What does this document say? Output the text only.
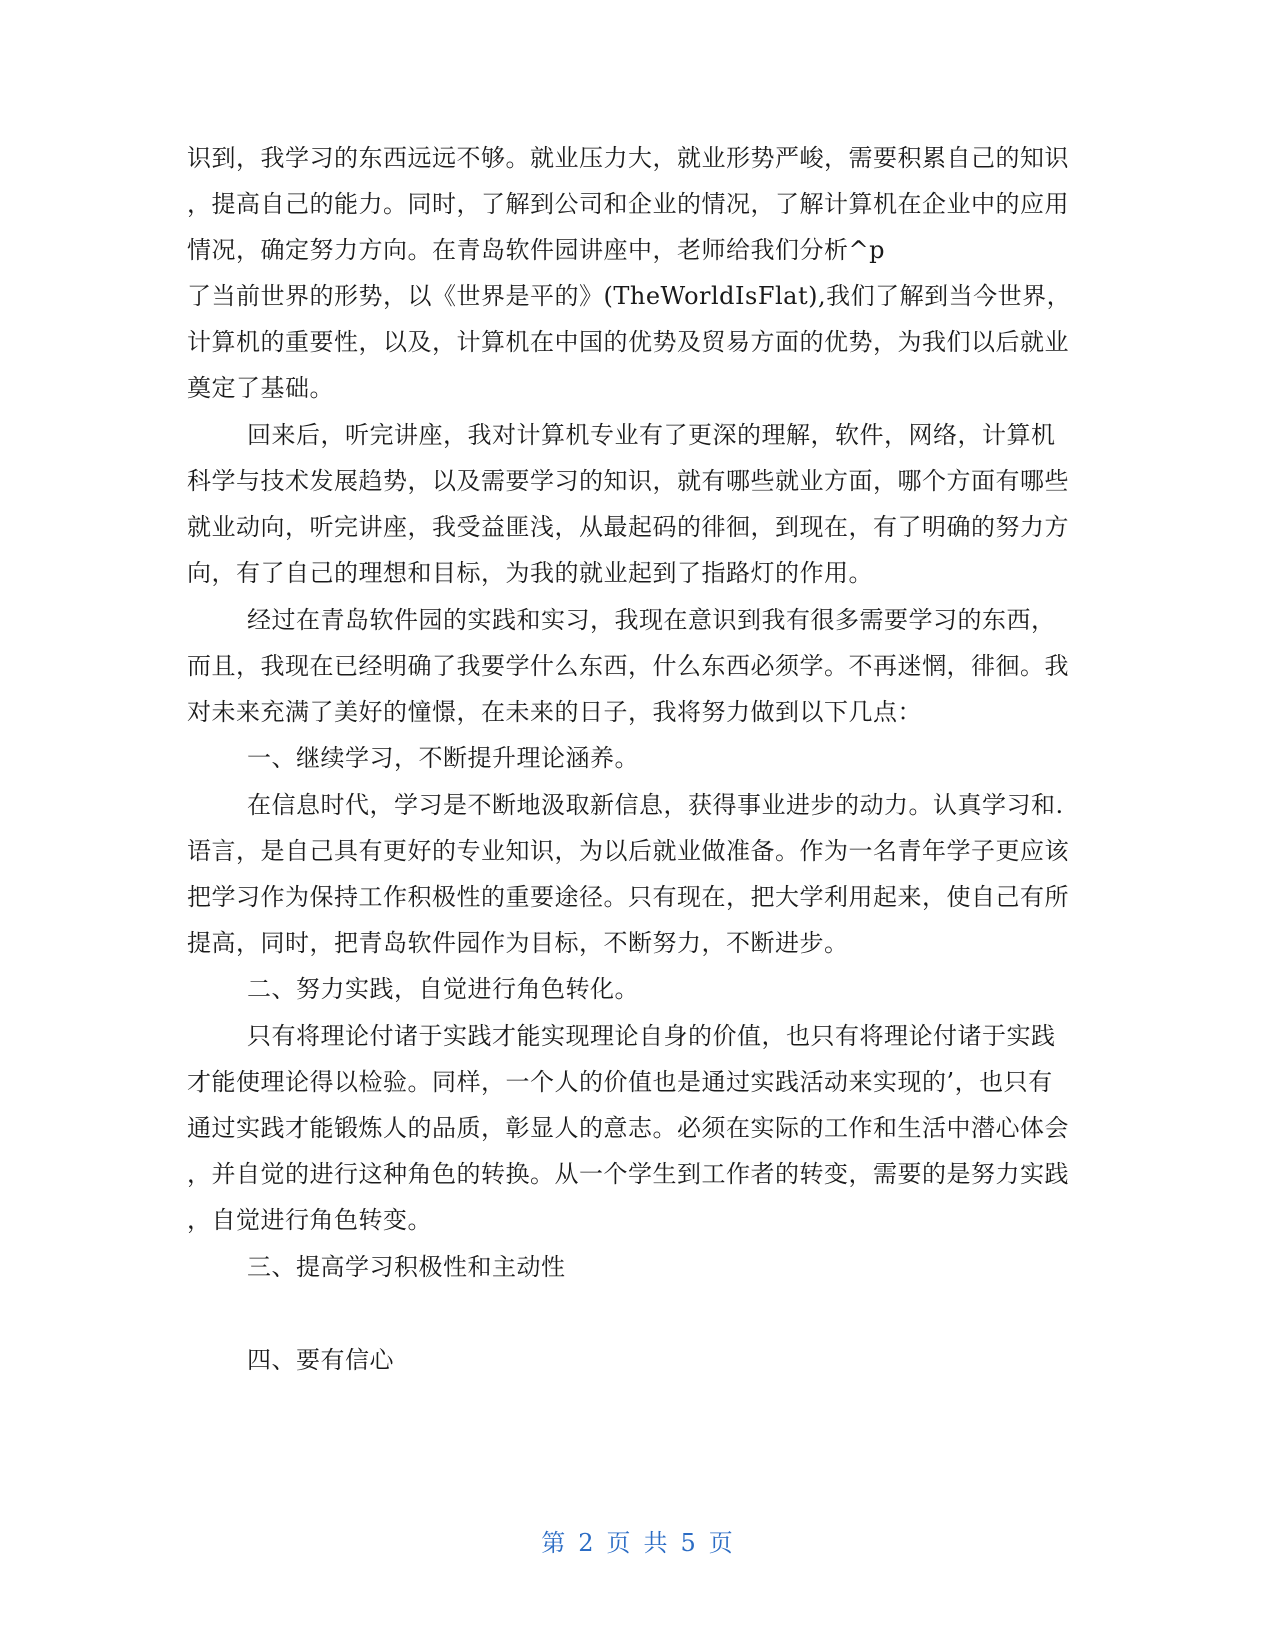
识到，我学习的东西远远不够。就业压力大，就业形势严峻，需要积累自己的知识
，提高自己的能力。同时，了解到公司和企业的情况，了解计算机在企业中的应用
情况，确定努力方向。在青岛软件园讲座中，老师给我们分析^p
了当前世界的形势，以《世界是平的》(TheWorldIsFlat),我们了解到当今世界，
计算机的重要性，以及，计算机在中国的优势及贸易方面的优势，为我们以后就业
奠定了基础。
回来后，听完讲座，我对计算机专业有了更深的理解，软件，网络，计算机
科学与技术发展趋势，以及需要学习的知识，就有哪些就业方面，哪个方面有哪些
就业动向，听完讲座，我受益匪浅，从最起码的徘徊，到现在，有了明确的努力方
向，有了自己的理想和目标，为我的就业起到了指路灯的作用。
经过在青岛软件园的实践和实习，我现在意识到我有很多需要学习的东西，
而且，我现在已经明确了我要学什么东西，什么东西必须学。不再迷惘，徘徊。我
对未来充满了美好的憧憬，在未来的日子，我将努力做到以下几点：
一、继续学习，不断提升理论涵养。
在信息时代，学习是不断地汲取新信息，获得事业进步的动力。认真学习和.
语言，是自己具有更好的专业知识，为以后就业做准备。作为一名青年学子更应该
把学习作为保持工作积极性的重要途径。只有现在，把大学利用起来，使自己有所
提高，同时，把青岛软件园作为目标，不断努力，不断进步。
二、努力实践，自觉进行角色转化。
只有将理论付诸于实践才能实现理论自身的价值，也只有将理论付诸于实践
才能使理论得以检验。同样，一个人的价值也是通过实践活动来实现的’，也只有
通过实践才能锻炼人的品质，彰显人的意志。必须在实际的工作和生活中潜心体会
，并自觉的进行这种角色的转换。从一个学生到工作者的转变，需要的是努力实践
，自觉进行角色转变。
三、提高学习积极性和主动性
四、要有信心
第 2 页 共 5 页
